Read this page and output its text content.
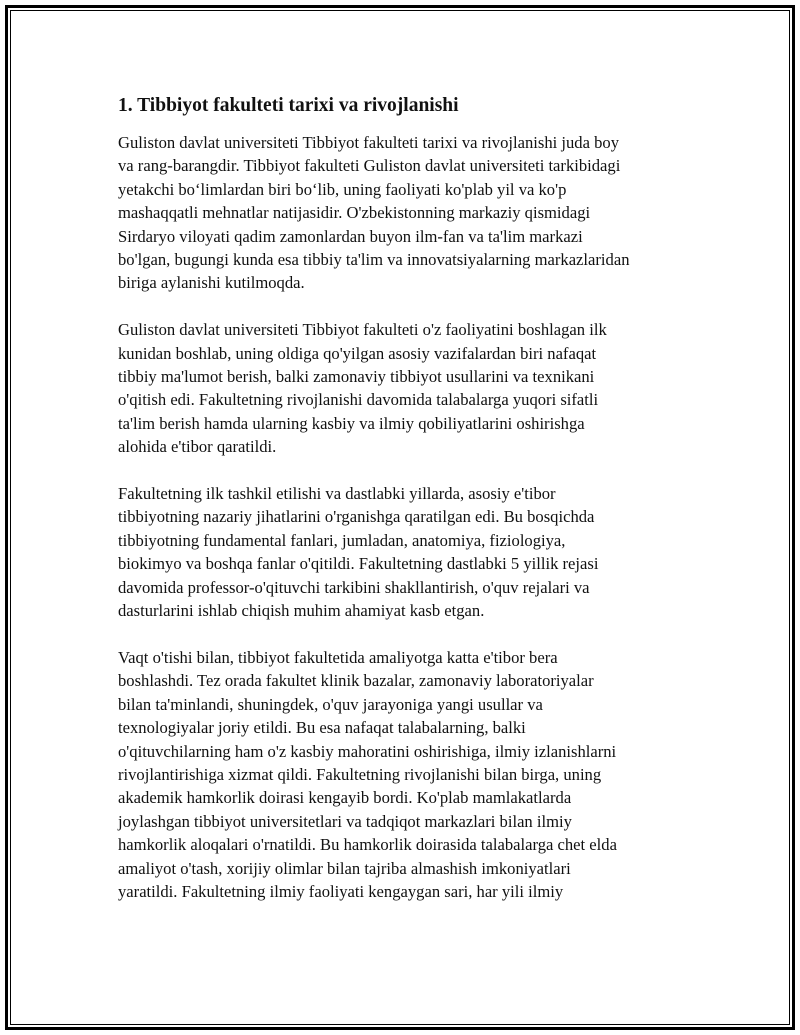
1. Tibbiyot fakulteti tarixi va rivojlanishi

Guliston davlat universiteti Tibbiyot fakulteti tarixi va rivojlanishi juda boy
va rang-barangdir. Tibbiyot fakulteti Guliston davlat universiteti tarkibidagi
yetakchi bo‘limlardan biri bo‘lib, uning faoliyati ko'plab yil va ko'p
mashaqqatli mehnatlar natijasidir. O'zbekistonning markaziy qismidagi
Sirdaryo viloyati qadim zamonlardan buyon ilm-fan va ta'lim markazi
bo'lgan, bugungi kunda esa tibbiy ta'lim va innovatsiyalarning markazlaridan
biriga aylanishi kutilmoqda.

Guliston davlat universiteti Tibbiyot fakulteti o'z faoliyatini boshlagan ilk
kunidan boshlab, uning oldiga qo'yilgan asosiy vazifalardan biri nafaqat
tibbiy ma'lumot berish, balki zamonaviy tibbiyot usullarini va texnikani
o'qitish edi. Fakultetning rivojlanishi davomida talabalarga yuqori sifatli
ta'lim berish hamda ularning kasbiy va ilmiy qobiliyatlarini oshirishga
alohida e'tibor qaratildi.

Fakultetning ilk tashkil etilishi va dastlabki yillarda, asosiy e'tibor
tibbiyotning nazariy jihatlarini o'rganishga qaratilgan edi. Bu bosqichda
tibbiyotning fundamental fanlari, jumladan, anatomiya, fiziologiya,
biokimyo va boshqa fanlar o'qitildi. Fakultetning dastlabki 5 yillik rejasi
davomida professor-o'qituvchi tarkibini shakllantirish, o'quv rejalari va
dasturlarini ishlab chiqish muhim ahamiyat kasb etgan.

Vaqt o'tishi bilan, tibbiyot fakultetida amaliyotga katta e'tibor bera
boshlashdi. Tez orada fakultet klinik bazalar, zamonaviy laboratoriyalar
bilan ta'minlandi, shuningdek, o'quv jarayoniga yangi usullar va
texnologiyalar joriy etildi. Bu esa nafaqat talabalarning, balki
o'qituvchilarning ham o'z kasbiy mahoratini oshirishiga, ilmiy izlanishlarni
rivojlantirishiga xizmat qildi. Fakultetning rivojlanishi bilan birga, uning
akademik hamkorlik doirasi kengayib bordi. Ko'plab mamlakatlarda
joylashgan tibbiyot universitetlari va tadqiqot markazlari bilan ilmiy
hamkorlik aloqalari o'rnatildi. Bu hamkorlik doirasida talabalarga chet elda
amaliyot o'tash, xorijiy olimlar bilan tajriba almashish imkoniyatlari
yaratildi. Fakultetning ilmiy faoliyati kengaygan sari, har yili ilmiy
